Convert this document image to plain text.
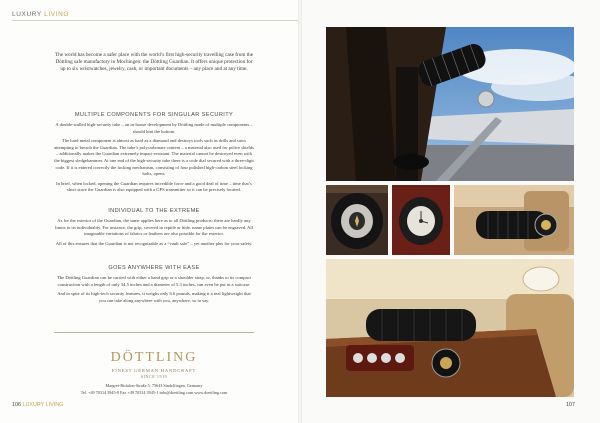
LUXURY LIVING
The world has become a safer place with the world’s first high-security travelling case from the Döttling safe manufactory in Mochingen: the Döttling Guardian. It offers unique protection for up to six wristwatches, jewelry, cash, or important documents – any place and at any time.
MULTIPLE COMPONENTS FOR SINGULAR SECURITY

A double-walled high-security tube – an in-house development by Döttling made of multiple components – should hint the bottom.

The hard metal component is almost as hard as a diamond and destroys tools such as drills and saws attempting to breach the Guardian. The tube’s polycarbonate content – a material also used for police shields – additionally makes the Guardian extremely impact-resistant. The material cannot be destroyed even with the biggest sledgehammer. At one end of the high-security tube there is a code dial secured with a three-digit code. If it is entered correctly the locking mechanism, consisting of four polished high-carbon steel locking bolts, opens.

In brief, when locked, opening the Guardian requires incredible force and a good deal of time – time that’s short since the Guardian is also equipped with a GPS transmitter so it can be precisely located.

INDIVIDUAL TO THE EXTREME

As for the exterior of the Guardian, the same applies here as to all Döttling products: there are hardly any limits to its individuality. For instance, the grip, covered in reptile or hide, name plates can be engraved. All imaginable variations of fabrics or leathers are also possible for the exterior.

All of this ensures that the Guardian is not recognizable as a “vault safe” – yet another plus for your safety.

GOES ANYWHERE WITH EASE

The Döttling Guardian can be carried with either a hand grip or a shoulder strap, or, thanks to its compact construction with a length of only 34.5 inches and a diameter of 5.3 inches, can even be put in a suitcase.

And in spite of its high-tech security features, it weighs only 6.6 pounds, making it a real lightweight that you can take along anywhere with you, anywhere, so to say.

DÖTTLING
FINEST GERMAN HANDCRAFT
SINCE 1919
Margret-Rickdon-Straße 5, 75643 Sindelfingen, Germany
Tel. +49 70314 3945-0 Fax +49 70314 3945-1 info@doettling.com www.doettling.com
106 LUXURY LIVING	107
